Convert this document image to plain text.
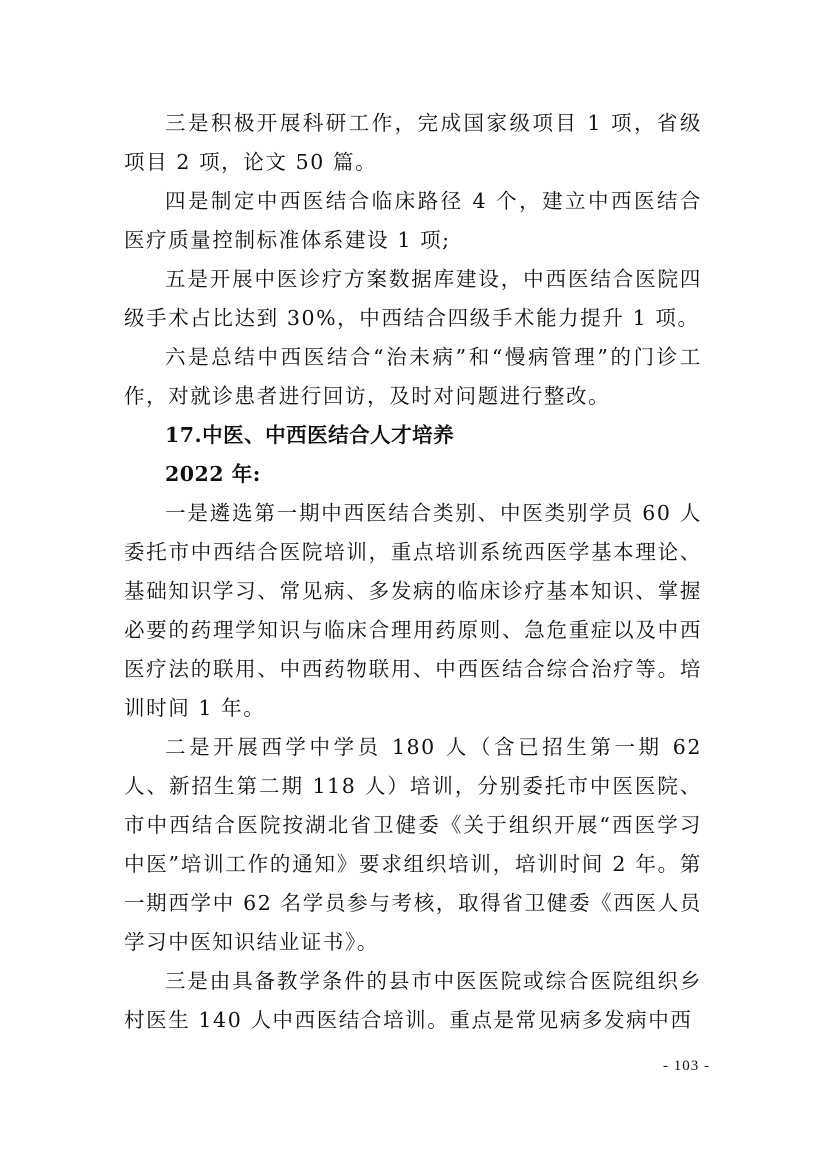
三是积极开展科研工作，完成国家级项目 1 项，省级项目 2 项，论文 50 篇。

四是制定中西医结合临床路径 4 个，建立中西医结合医疗质量控制标准体系建设 1 项;

五是开展中医诊疗方案数据库建设，中西医结合医院四级手术占比达到 30%，中西结合四级手术能力提升 1 项。

六是总结中西医结合“治未病”和“慢病管理”的门诊工作，对就诊患者进行回访，及时对问题进行整改。

17.中医、中西医结合人才培养

2022 年:

一是遴选第一期中西医结合类别、中医类别学员 60 人委托市中西结合医院培训，重点培训系统西医学基本理论、基础知识学习、常见病、多发病的临床诊疗基本知识、掌握必要的药理学知识与临床合理用药原则、急危重症以及中西医疗法的联用、中西药物联用、中西医结合综合治疗等。培训时间 1 年。

二是开展西学中学员 180 人（含已招生第一期 62 人、新招生第二期 118 人）培训，分别委托市中医医院、市中西结合医院按湖北省卫健委《关于组织开展“西医学习中医”培训工作的通知》要求组织培训，培训时间 2 年。第一期西学中 62 名学员参与考核，取得省卫健委《西医人员学习中医知识结业证书》。

三是由具备教学条件的县市中医医院或综合医院组织乡村医生 140 人中西医结合培训。重点是常见病多发病中西

- 103 -
